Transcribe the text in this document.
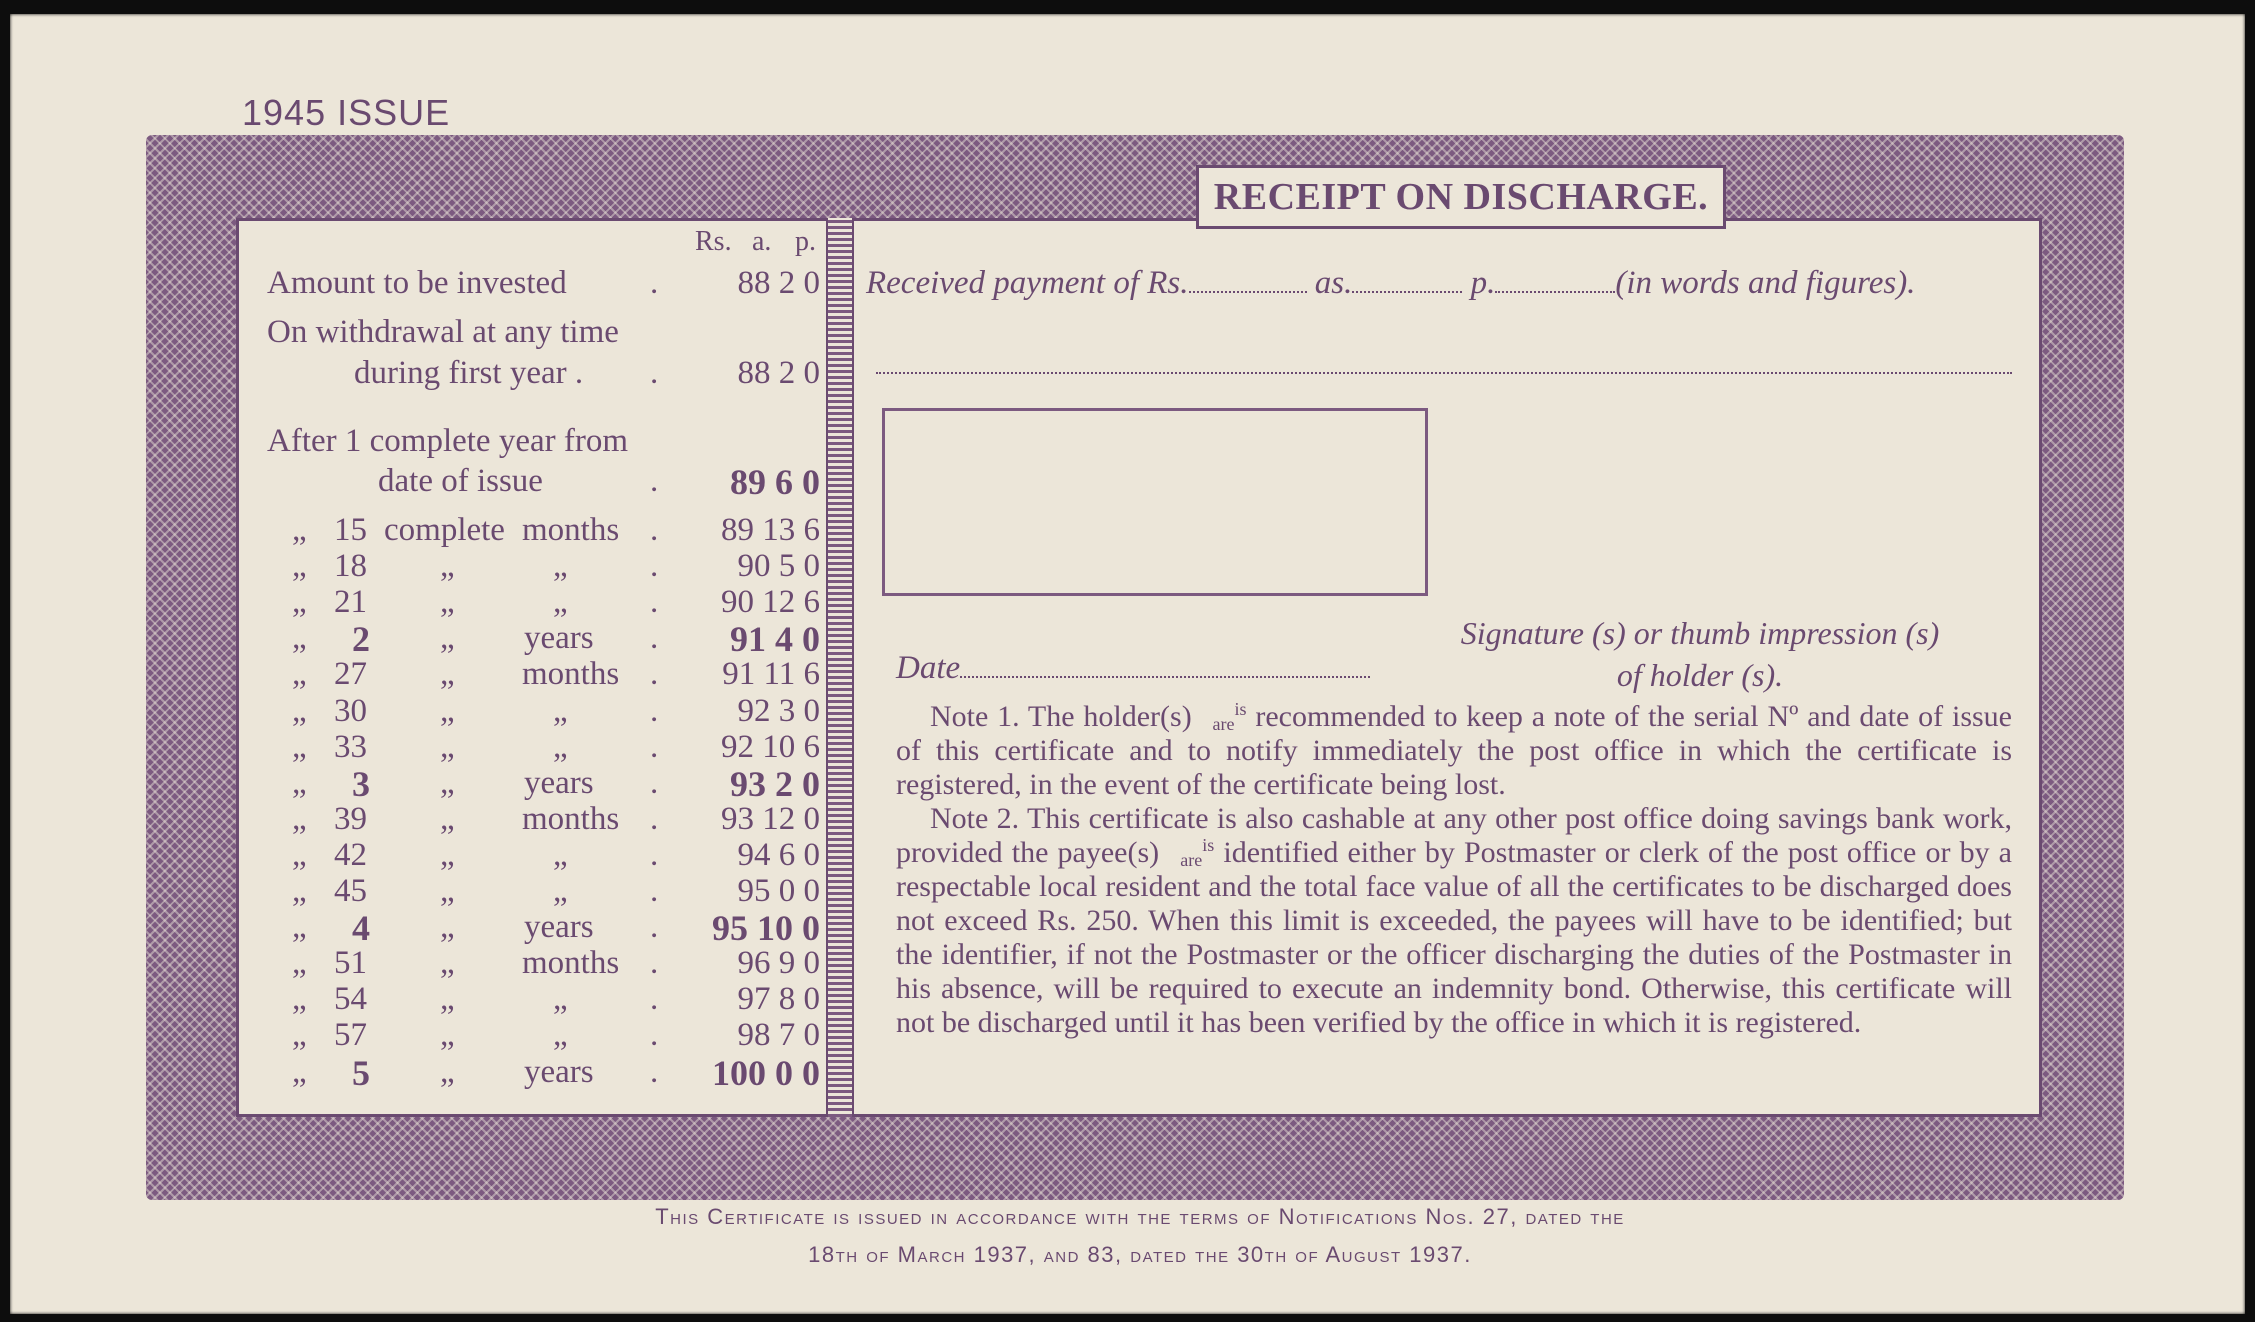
1945 ISSUE
RECEIPT ON DISCHARGE.
Rs. a. p.
Amount to be invested	.	88 2 0
On withdrawal at any time
during first year . .	88 2 0
After 1 complete year from
date of issue	.	89 6 0
„ 15 complete months .	89 13 6
„ 18 „	„ .	90 5 0
„ 21 „	„ .	90 12 6
„ 2 „ years .	91 4 0
„ 27 „ months .	91 11 6
„ 30 „	„ .	92 3 0
„ 33 „	„ .	92 10 6
„ 3 „ years .	93 2 0
„ 39 „ months .	93 12 0
„ 42 „	„ .	94 6 0
„ 45 „	„ .	95 0 0
„ 4 „ years .	95 10 0
„ 51 „ months .	96 9 0
„ 54 „	„ .	97 8 0
„ 57 „	„ .	98 7 0
„ 5 „ years .	100 0 0
Received payment of Rs.	as.	p.	(in words and figures).
Signature (s) or thumb impression (s)
of holder (s).
Date

Note 1. The holder(s) is
are recommended to keep a note of the serial Nº and date of issue of this certificate and to notify immediately the post office in which the certificate is registered, in the event of the certificate being lost.

Note 2. This certificate is also cashable at any other post office doing savings bank work, provided the payee(s) is
are identified either by Postmaster or clerk of the post office or by a respectable local resident and the total face value of all the certificates to be discharged does not exceed Rs. 250. When this limit is exceeded, the payees will have to be identified; but the identifier, if not the Postmaster or the officer discharging the duties of the Postmaster in his absence, will be required to execute an indemnity bond. Otherwise, this certificate will not be discharged until it has been verified by the office in which it is registered.

This Certificate is issued in accordance with the terms of Notifications Nos. 27, dated the
18th of March 1937, and 83, dated the 30th of August 1937.
